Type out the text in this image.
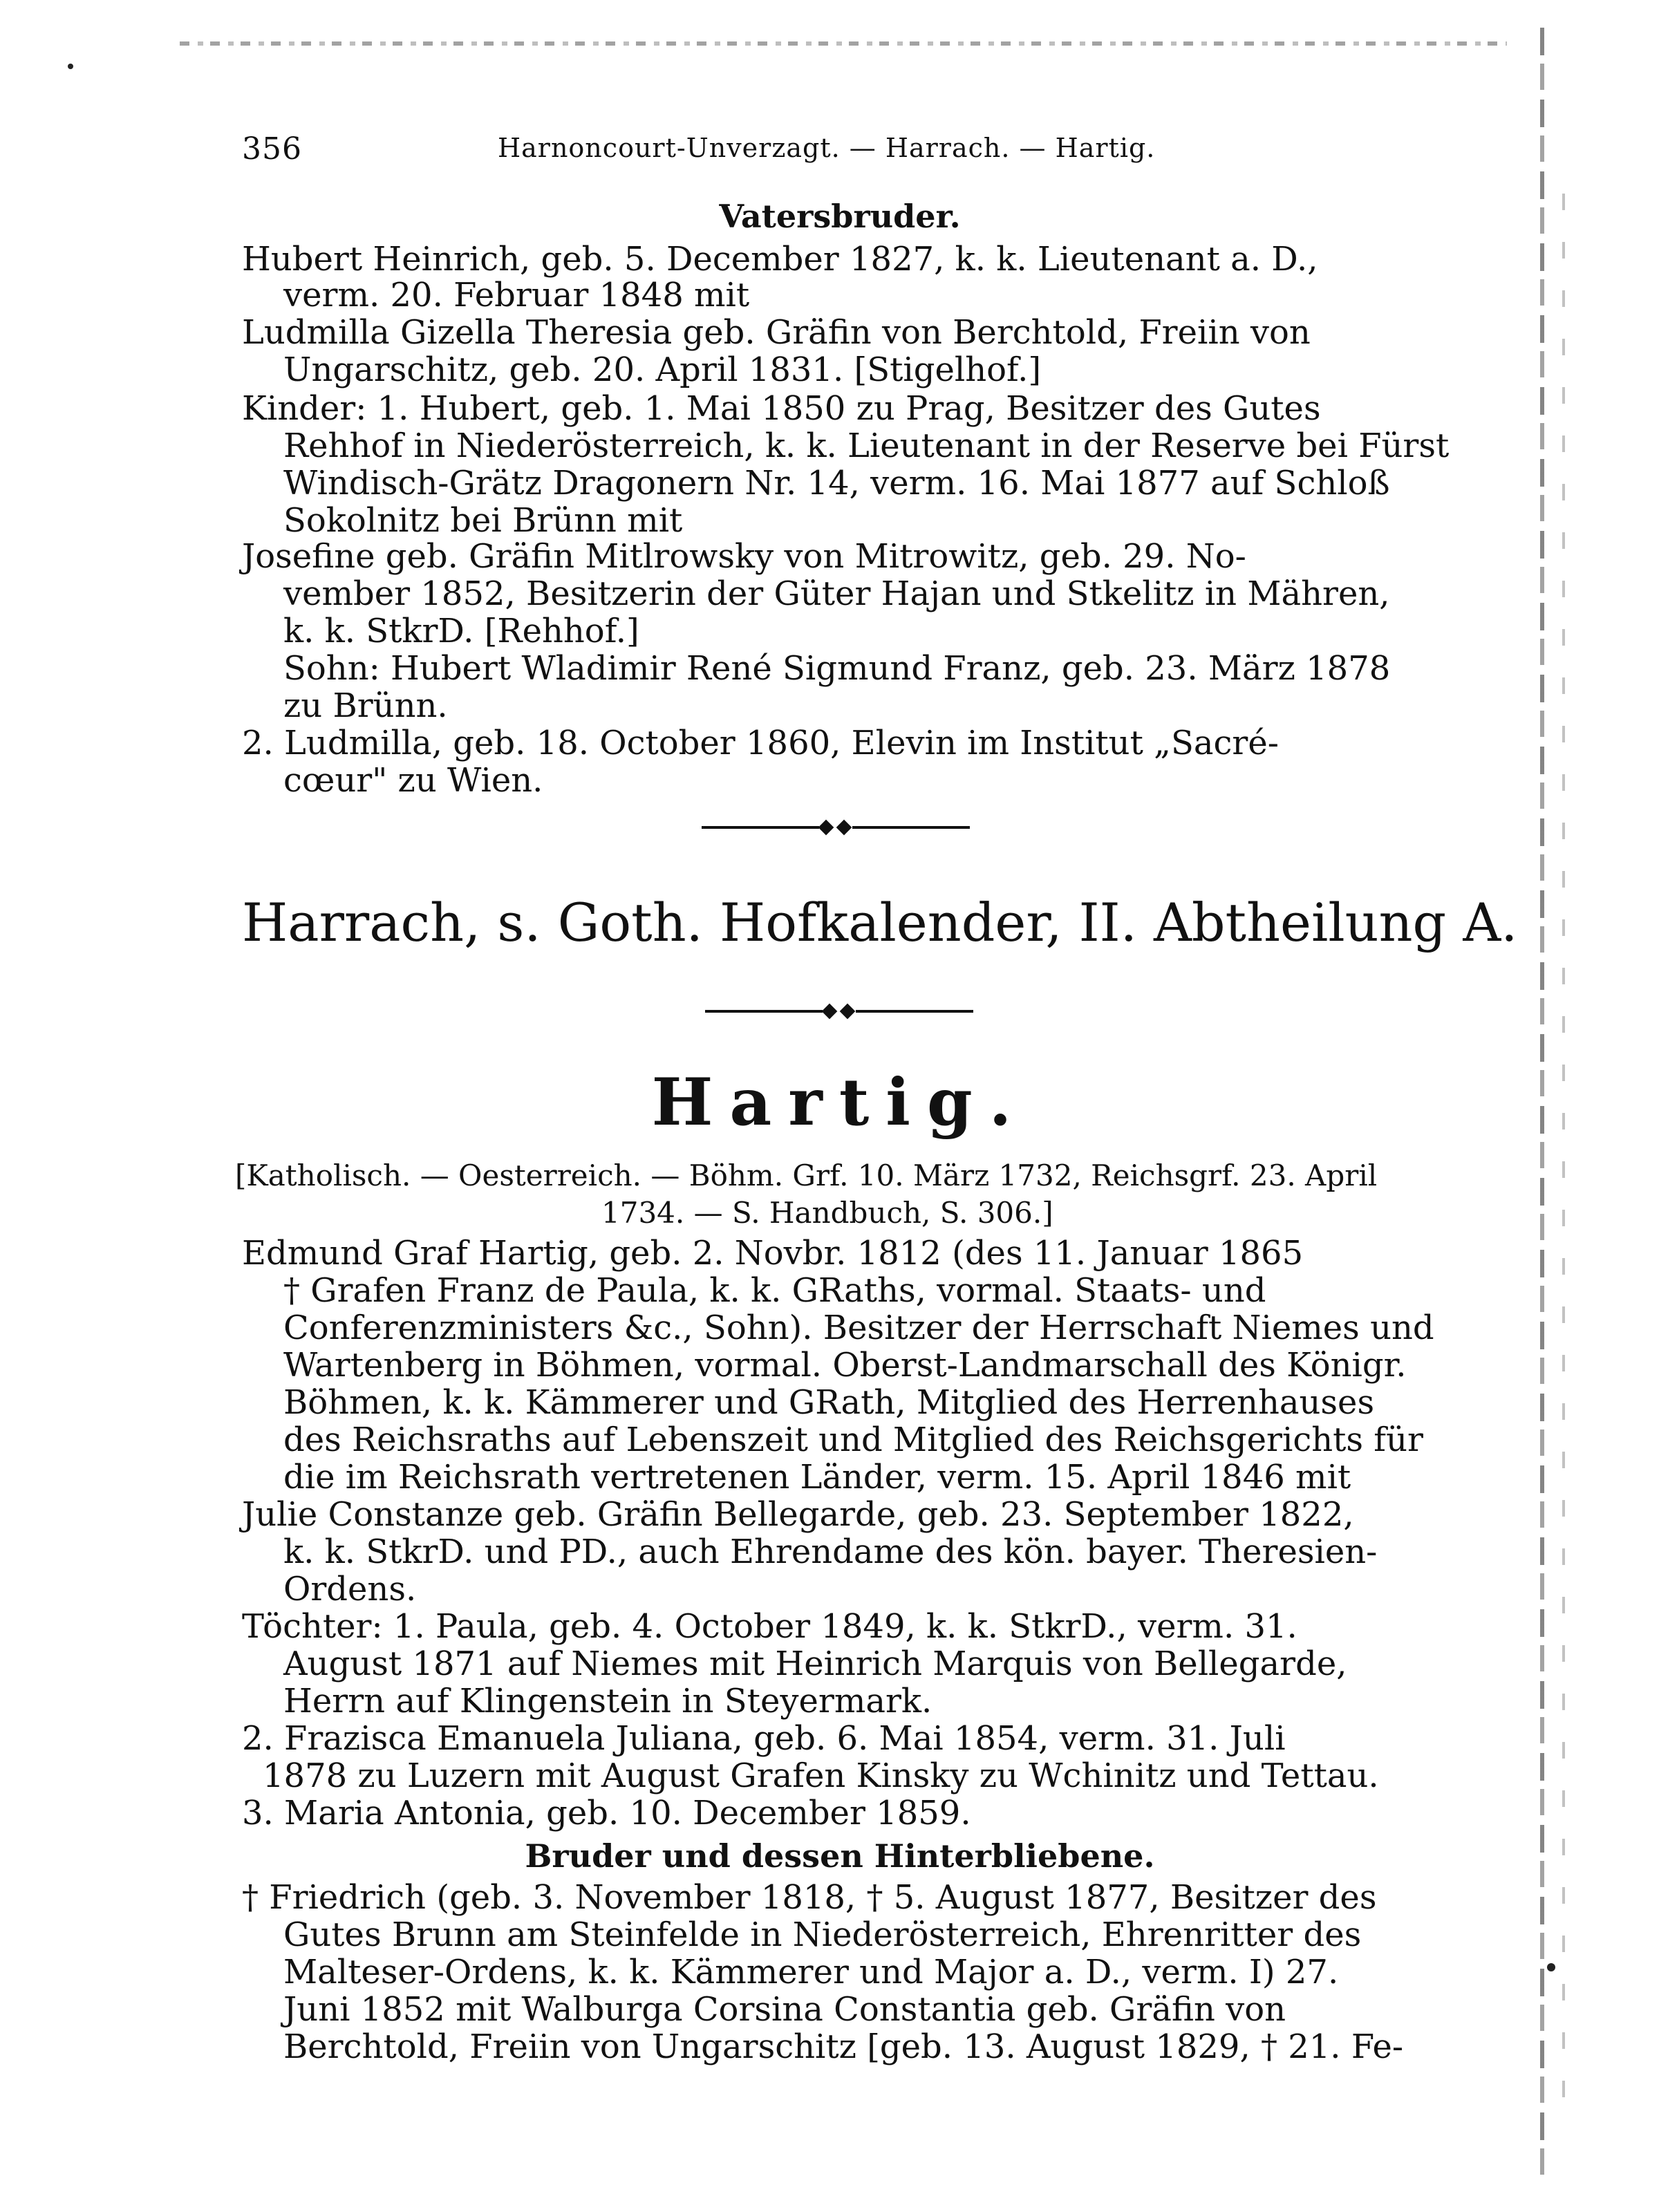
356	Harnoncourt-Unverzagt. — Harrach. — Hartig.
Vatersbruder.
Hubert Heinrich, geb. 5. December 1827, k. k. Lieutenant a. D.,
verm. 20. Februar 1848 mit
Ludmilla Gizella Theresia geb. Gräfin von Berchtold, Freiin von
Ungarschitz, geb. 20. April 1831. [Stigelhof.]
Kinder: 1. Hubert, geb. 1. Mai 1850 zu Prag, Besitzer des Gutes
Rehhof in Niederösterreich, k. k. Lieutenant in der Reserve bei Fürst
Windisch-Grätz Dragonern Nr. 14, verm. 16. Mai 1877 auf Schloß
Sokolnitz bei Brünn mit
Josefine geb. Gräfin Mitlrowsky von Mitrowitz, geb. 29. No-
vember 1852, Besitzerin der Güter Hajan und Stkelitz in Mähren,
k. k. StkrD. [Rehhof.]
Sohn: Hubert Wladimir René Sigmund Franz, geb. 23. März 1878
zu Brünn.
2. Ludmilla, geb. 18. October 1860, Elevin im Institut „Sacré-
cœur" zu Wien.
Harrach, s. Goth. Hofkalender, II. Abtheilung A.
Hartig.
[Katholisch. — Oesterreich. — Böhm. Grf. 10. März 1732, Reichsgrf. 23. April
1734. — S. Handbuch, S. 306.]
Edmund Graf Hartig, geb. 2. Novbr. 1812 (des 11. Januar 1865
† Grafen Franz de Paula, k. k. GRaths, vormal. Staats- und
Conferenzministers &c., Sohn). Besitzer der Herrschaft Niemes und
Wartenberg in Böhmen, vormal. Oberst-Landmarschall des Königr.
Böhmen, k. k. Kämmerer und GRath, Mitglied des Herrenhauses
des Reichsraths auf Lebenszeit und Mitglied des Reichsgerichts für
die im Reichsrath vertretenen Länder, verm. 15. April 1846 mit
Julie Constanze geb. Gräfin Bellegarde, geb. 23. September 1822,
k. k. StkrD. und PD., auch Ehrendame des kön. bayer. Theresien-
Ordens.
Töchter: 1. Paula, geb. 4. October 1849, k. k. StkrD., verm. 31.
August 1871 auf Niemes mit Heinrich Marquis von Bellegarde,
Herrn auf Klingenstein in Steyermark.
2. Frazisca Emanuela Juliana, geb. 6. Mai 1854, verm. 31. Juli
1878 zu Luzern mit August Grafen Kinsky zu Wchinitz und Tettau.
3. Maria Antonia, geb. 10. December 1859.
Bruder und dessen Hinterbliebene.
† Friedrich (geb. 3. November 1818, † 5. August 1877, Besitzer des
Gutes Brunn am Steinfelde in Niederösterreich, Ehrenritter des
Malteser-Ordens, k. k. Kämmerer und Major a. D., verm. I) 27.
Juni 1852 mit Walburga Corsina Constantia geb. Gräfin von
Berchtold, Freiin von Ungarschitz [geb. 13. August 1829, † 21. Fe-
